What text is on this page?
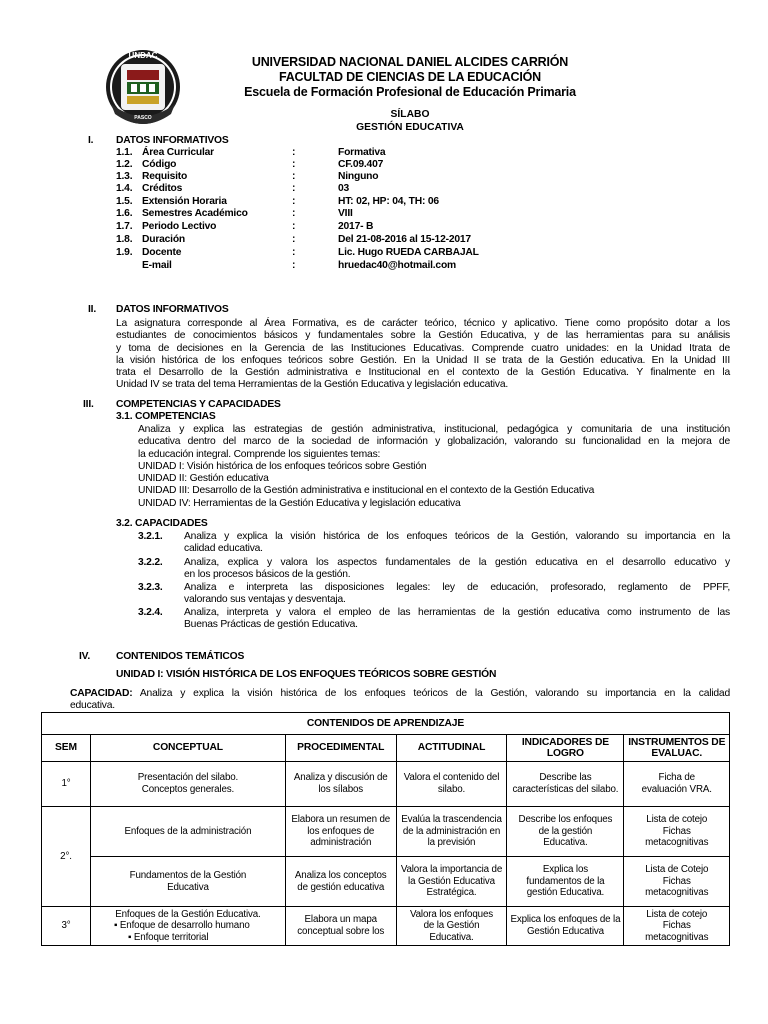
UNDAC
PASCO
UNIVERSIDAD NACIONAL DANIEL ALCIDES CARRIÓN
FACULTAD DE CIENCIAS DE LA EDUCACIÓN
Escuela de Formación Profesional de Educación Primaria
SÍLABO
GESTIÓN EDUCATIVA
I. DATOS INFORMATIVOS
1.1. Área Curricular	:	Formativa
1.2. Código	:	CF.09.407
1.3. Requisito	:	Ninguno
1.4. Créditos	:	03
1.5. Extensión Horaria	:	HT: 02, HP: 04, TH: 06
1.6. Semestres Académico	:	VIII
1.7. Periodo Lectivo	:	2017- B
1.8. Duración	:	Del 21-08-2016 al 15-12-2017
1.9. Docente	:	Lic. Hugo RUEDA CARBAJAL
E-mail	:	hruedac40@hotmail.com
II. DATOS INFORMATIVOS
La asignatura corresponde al Área Formativa, es de carácter teórico, técnico y aplicativo. Tiene como propósito dotar a los
estudiantes de conocimientos básicos y fundamentales sobre la Gestión Educativa, y de las herramientas para su análisis
y toma de decisiones en la Gerencia de las Instituciones Educativas. Comprende cuatro unidades: en la Unidad Itrata de
la visión histórica de los enfoques teóricos sobre Gestión. En la Unidad II se trata de la Gestión educativa. En la Unidad III
trata el Desarrollo de la Gestión administrativa e Institucional en el contexto de la Gestión Educativa. Y finalmente en la
Unidad IV se trata del tema Herramientas de la Gestión Educativa y legislación educativa.
III. COMPETENCIAS Y CAPACIDADES
3.1. COMPETENCIAS
Analiza y explica las estrategias de gestión administrativa, institucional, pedagógica y comunitaria de una institución
educativa dentro del marco de la sociedad de información y globalización, valorando su funcionalidad en la mejora de
la educación integral. Comprende los siguientes temas:
UNIDAD I: Visión histórica de los enfoques teóricos sobre Gestión
UNIDAD II: Gestión educativa
UNIDAD III: Desarrollo de la Gestión administrativa e institucional en el contexto de la Gestión Educativa
UNIDAD IV: Herramientas de la Gestión Educativa y legislación educativa
3.2. CAPACIDADES
3.2.1. Analiza y explica la visión histórica de los enfoques teóricos de la Gestión, valorando su importancia en la
calidad educativa.
3.2.2. Analiza, explica y valora los aspectos fundamentales de la gestión educativa en el desarrollo educativo y
en los procesos básicos de la gestión.
3.2.3. Analiza e interpreta las disposiciones legales: ley de educación, profesorado, reglamento de PPFF,
valorando sus ventajas y desventaja.
3.2.4. Analiza, interpreta y valora el empleo de las herramientas de la gestión educativa como instrumento de las
Buenas Prácticas de gestión Educativa.
IV.	CONTENIDOS TEMÁTICOS
UNIDAD I: VISIÓN HISTÓRICA DE LOS ENFOQUES TEÓRICOS SOBRE GESTIÓN
CAPACIDAD: Analiza y explica la visión histórica de los enfoques teóricos de la Gestión, valorando su importancia en la calidad
educativa.
CONTENIDOS DE APRENDIZAJE					
SEM	CONCEPTUAL	PROCEDIMENTAL	ACTITUDINAL	INDICADORES DE LOGRO	INSTRUMENTOS DE EVALUAC.
1°	Presentación del silabo. Conceptos generales.	Analiza y discusión de los sílabos	Valora el contenido del silabo.	Describe las características del silabo.	Ficha de evaluación VRA.
2°.	Enfoques de la administración	Elabora un resumen de los enfoques de administración	Evalúa la trascendencia de la administración en la previsión	Describe los enfoques de la gestión Educativa.	Lista de cotejo Fichas metacognitivas
	Fundamentos de la Gestión Educativa	Analiza los conceptos de gestión educativa	Valora la importancia de la Gestión Educativa Estratégica.	Explica los fundamentos de la gestión Educativa.	Lista de Cotejo Fichas metacognitivas
3°	Enfoques de la Gestión Educativa.
▪ Enfoque de desarrollo humano
▪ Enfoque territorial	Elabora un mapa conceptual sobre los	Valora los enfoques de la Gestión Educativa.	Explica los enfoques de la Gestión Educativa	Lista de cotejo Fichas metacognitivas
